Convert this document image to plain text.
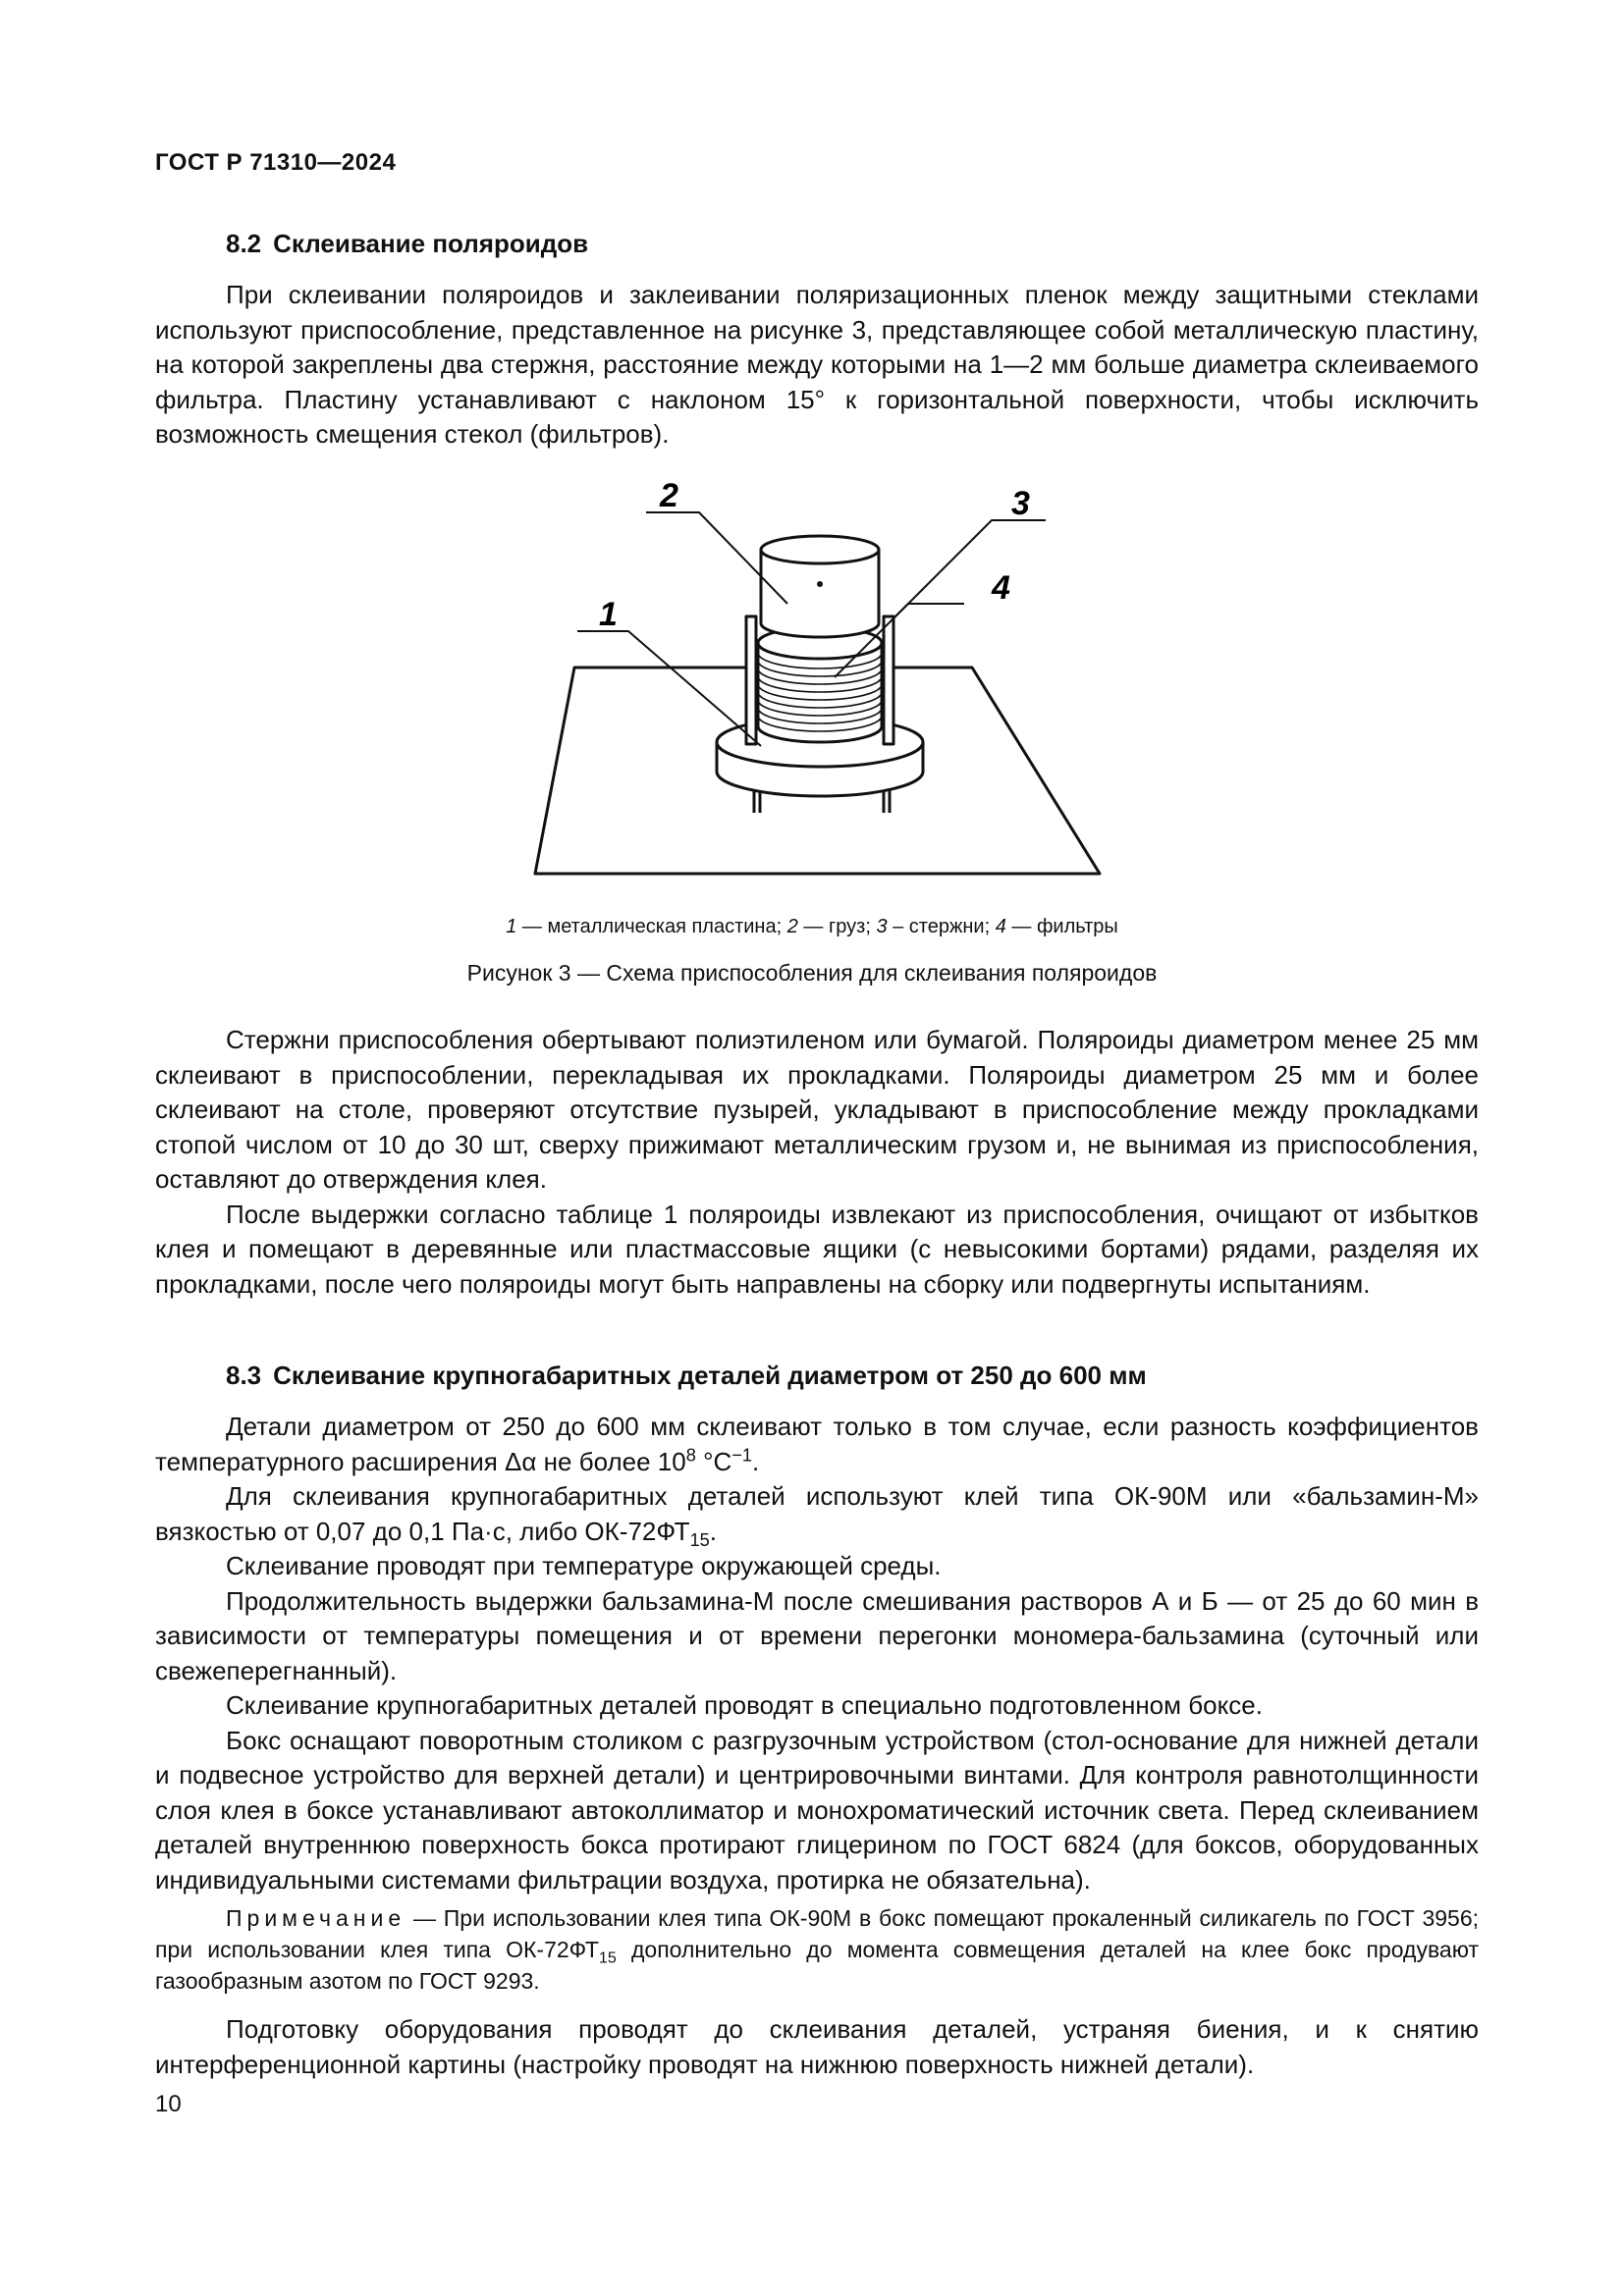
ГОСТ Р 71310—2024
8.2 Склеивание поляроидов

При склеивании поляроидов и заклеивании поляризационных пленок между защитными стеклами используют приспособление, представленное на рисунке 3, представляющее собой металлическую пластину, на которой закреплены два стержня, расстояние между которыми на 1—2 мм больше диаметра склеиваемого фильтра. Пластину устанавливают с наклоном 15° к горизонтальной поверхности, чтобы исключить возможность смещения стекол (фильтров).

2	3
4
1
1 — металлическая пластина; 2 — груз; 3 – стержни; 4 — фильтры
Рисунок 3 — Схема приспособления для склеивания поляроидов

Стержни приспособления обертывают полиэтиленом или бумагой. Поляроиды диаметром менее 25 мм склеивают в приспособлении, перекладывая их прокладками. Поляроиды диаметром 25 мм и более склеивают на столе, проверяют отсутствие пузырей, укладывают в приспособление между прокладками стопой числом от 10 до 30 шт, сверху прижимают металлическим грузом и, не вынимая из приспособления, оставляют до отверждения клея.

После выдержки согласно таблице 1 поляроиды извлекают из приспособления, очищают от избытков клея и помещают в деревянные или пластмассовые ящики (с невысокими бортами) рядами, разделяя их прокладками, после чего поляроиды могут быть направлены на сборку или подвергнуты испытаниям.

8.3 Склеивание крупногабаритных деталей диаметром от 250 до 600 мм

Детали диаметром от 250 до 600 мм склеивают только в том случае, если разность коэффициентов температурного расширения Δα не более $10^8$ $^\circ C^{-1}$.

Для склеивания крупногабаритных деталей используют клей типа ОК-90М или «бальзамин-М» вязкостью от 0,07 до 0,1 Па·с, либо $ОК-72ФТ_{15}$.

Склеивание проводят при температуре окружающей среды.

Продолжительность выдержки бальзамина-М после смешивания растворов А и Б — от 25 до 60 мин в зависимости от температуры помещения и от времени перегонки мономера-бальзамина (суточный или свежеперегнанный).

Склеивание крупногабаритных деталей проводят в специально подготовленном боксе.

Бокс оснащают поворотным столиком с разгрузочным устройством (стол-основание для нижней детали и подвесное устройство для верхней детали) и центрировочными винтами. Для контроля равнотолщинности слоя клея в боксе устанавливают автоколлиматор и монохроматический источник света. Перед склеиванием деталей внутреннюю поверхность бокса протирают глицерином по ГОСТ 6824 (для боксов, оборудованных индивидуальными системами фильтрации воздуха, протирка не обязательна).

Примечание — При использовании клея типа ОК-90М в бокс помещают прокаленный силикагель по ГОСТ 3956; при использовании клея типа $ОК-72ФТ_{15}$ дополнительно до момента совмещения деталей на клее бокс продувают газообразным азотом по ГОСТ 9293.

Подготовку оборудования проводят до склеивания деталей, устраняя биения, и к снятию интерференционной картины (настройку проводят на нижнюю поверхность нижней детали).

10
